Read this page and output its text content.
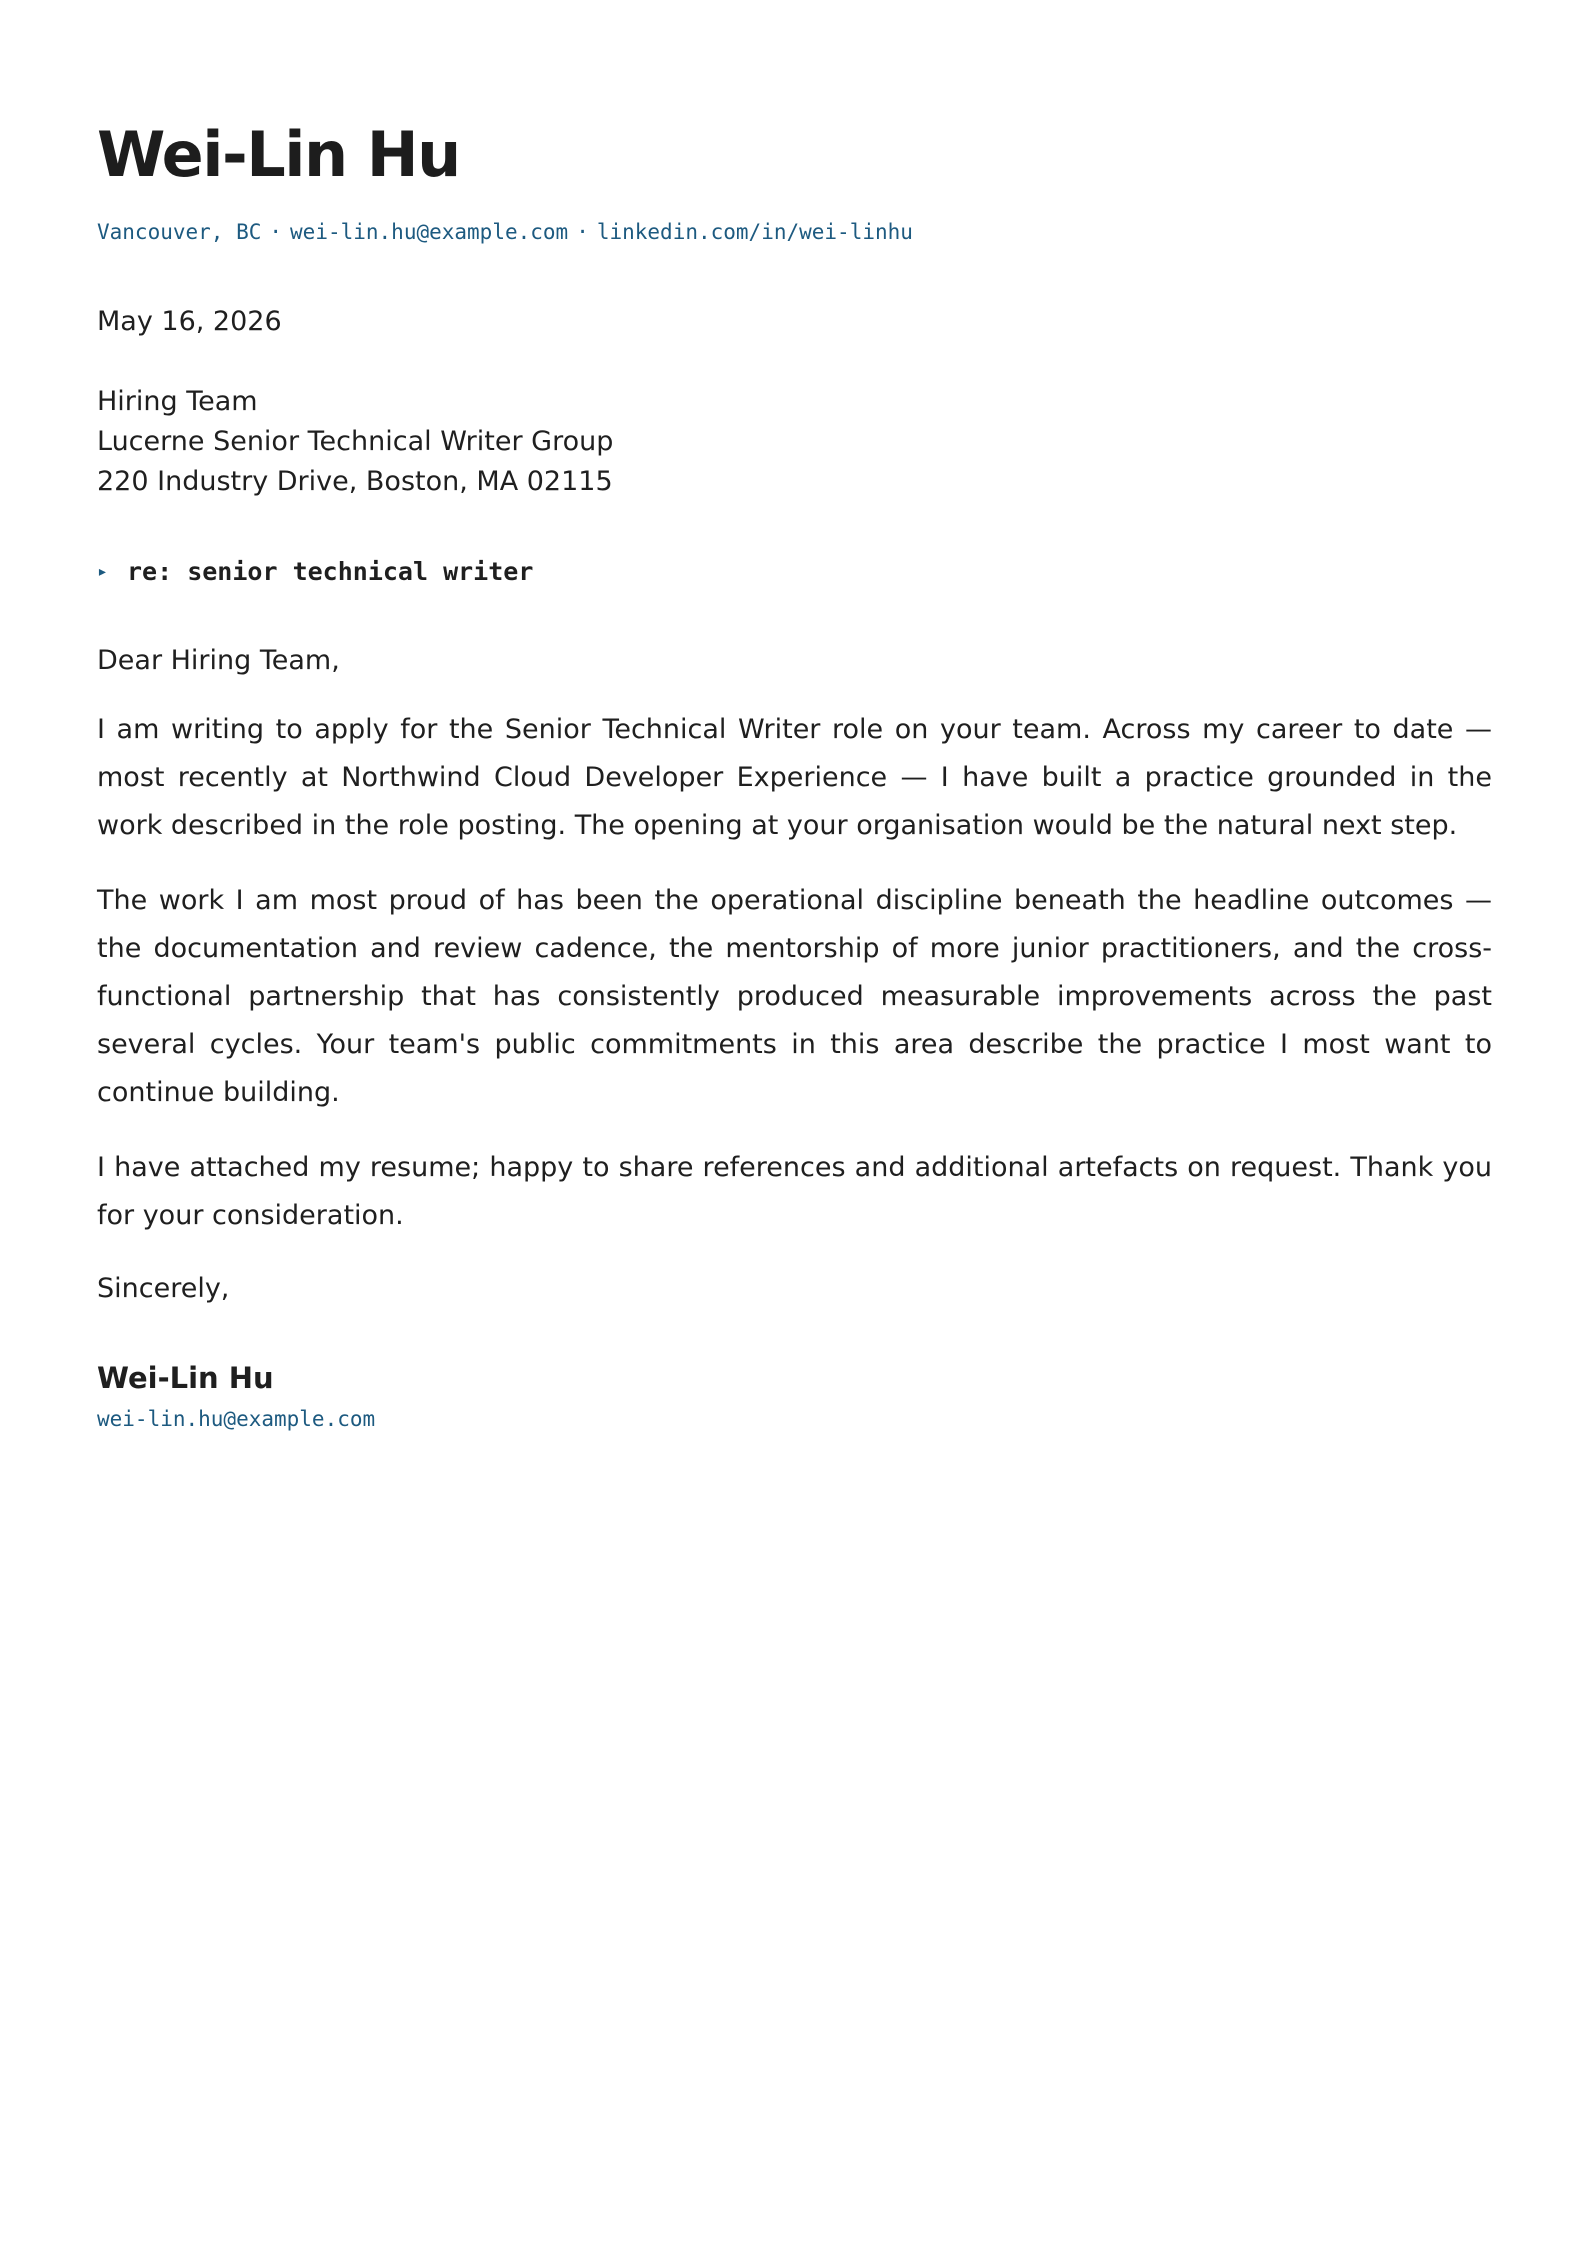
Wei-Lin Hu
Vancouver, BC · wei-lin.hu@example.com · linkedin.com/in/wei-linhu
May 16, 2026
Hiring Team
Lucerne Senior Technical Writer Group
220 Industry Drive, Boston, MA 02115
▸ re: senior technical writer
Dear Hiring Team,

I am writing to apply for the Senior Technical Writer role on your team. Across my career to date — most recently at Northwind Cloud Developer Experience — I have built a practice grounded in the work described in the role posting. The opening at your organisation would be the natural next step.

The work I am most proud of has been the operational discipline beneath the headline outcomes — the documentation and review cadence, the mentorship of more junior practitioners, and the cross-functional partnership that has consistently produced measurable improvements across the past several cycles. Your team's public commitments in this area describe the practice I most want to continue building.

I have attached my resume; happy to share references and additional artefacts on request. Thank you for your consideration.

Sincerely,
Wei-Lin Hu
wei-lin.hu@example.com
